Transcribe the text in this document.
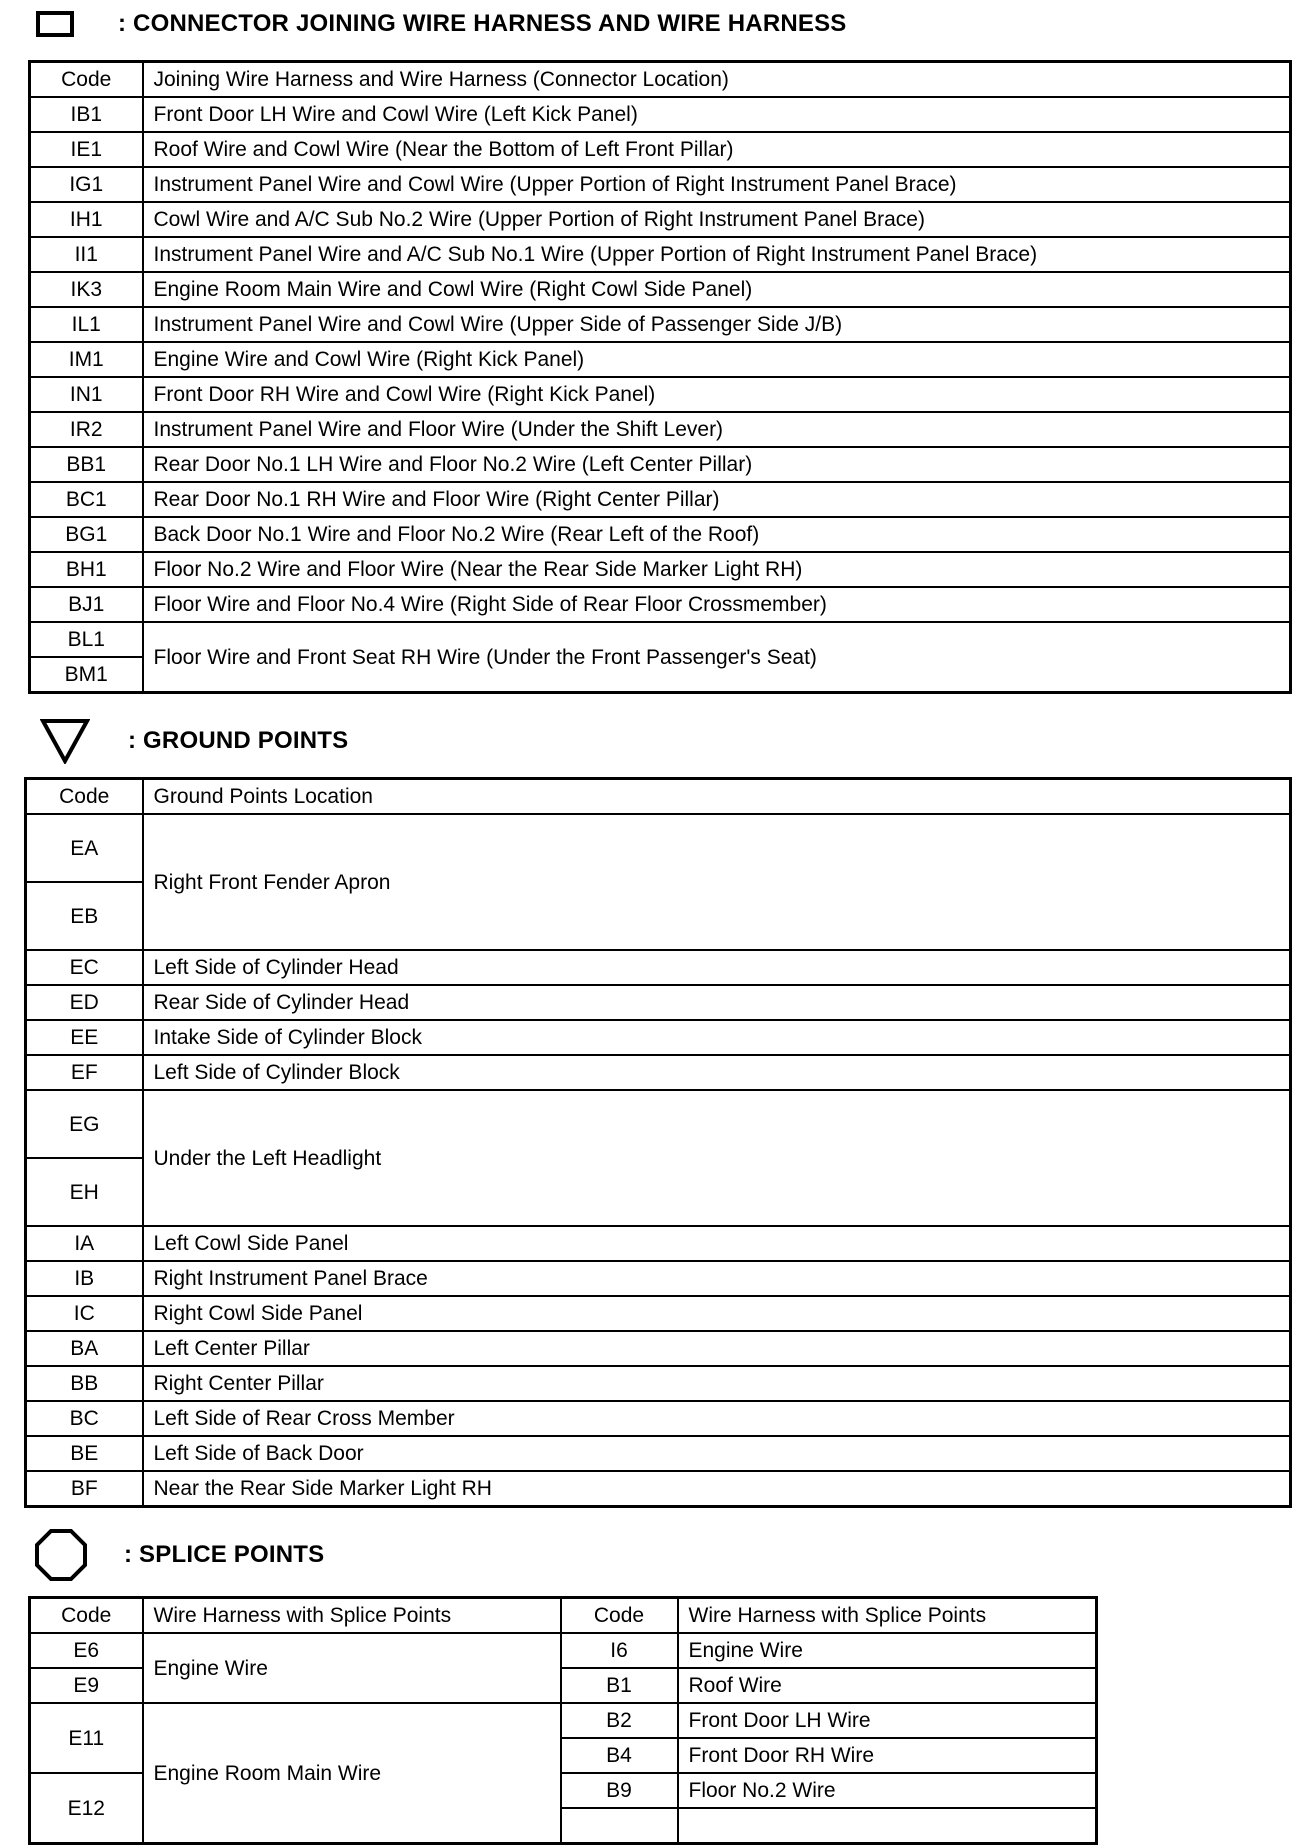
: CONNECTOR JOINING WIRE HARNESS AND WIRE HARNESS
Code	Joining Wire Harness and Wire Harness (Connector Location)
IB1	Front Door LH Wire and Cowl Wire (Left Kick Panel)
IE1	Roof Wire and Cowl Wire (Near the Bottom of Left Front Pillar)
IG1	Instrument Panel Wire and Cowl Wire (Upper Portion of Right Instrument Panel Brace)
IH1	Cowl Wire and A/C Sub No.2 Wire (Upper Portion of Right Instrument Panel Brace)
II1	Instrument Panel Wire and A/C Sub No.1 Wire (Upper Portion of Right Instrument Panel Brace)
IK3	Engine Room Main Wire and Cowl Wire (Right Cowl Side Panel)
IL1	Instrument Panel Wire and Cowl Wire (Upper Side of Passenger Side J/B)
IM1	Engine Wire and Cowl Wire (Right Kick Panel)
IN1	Front Door RH Wire and Cowl Wire (Right Kick Panel)
IR2	Instrument Panel Wire and Floor Wire (Under the Shift Lever)
BB1	Rear Door No.1 LH Wire and Floor No.2 Wire (Left Center Pillar)
BC1	Rear Door No.1 RH Wire and Floor Wire (Right Center Pillar)
BG1	Back Door No.1 Wire and Floor No.2 Wire (Rear Left of the Roof)
BH1	Floor No.2 Wire and Floor Wire (Near the Rear Side Marker Light RH)
BJ1	Floor Wire and Floor No.4 Wire (Right Side of Rear Floor Crossmember)
BL1	Floor Wire and Front Seat RH Wire (Under the Front Passenger's Seat)
BM1	
: GROUND POINTS
Code	Ground Points Location
EA	Right Front Fender Apron
EB	
EC	Left Side of Cylinder Head
ED	Rear Side of Cylinder Head
EE	Intake Side of Cylinder Block
EF	Left Side of Cylinder Block
EG	Under the Left Headlight
EH	
IA	Left Cowl Side Panel
IB	Right Instrument Panel Brace
IC	Right Cowl Side Panel
BA	Left Center Pillar
BB	Right Center Pillar
BC	Left Side of Rear Cross Member
BE	Left Side of Back Door
BF	Near the Rear Side Marker Light RH
: SPLICE POINTS
Code	Wire Harness with Splice Points	Code	Wire Harness with Splice Points
E6	Engine Wire	I6	Engine Wire
E9		B1	Roof Wire
E11	Engine Room Main Wire	B2	Front Door LH Wire
		B4	Front Door RH Wire
E12		B9	Floor No.2 Wire
